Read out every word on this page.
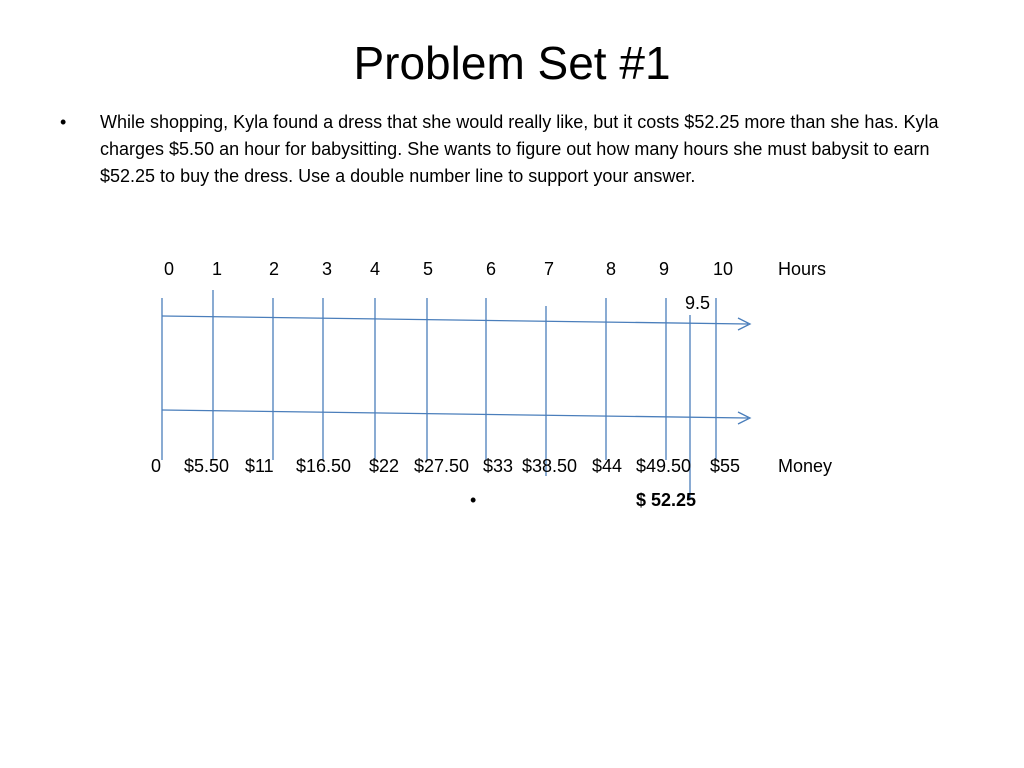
Problem Set #1
•	While shopping, Kyla found a dress that she would really like, but it costs $52.25 more than she has. Kyla charges $5.50 an hour for babysitting. She wants to figure out how many hours she must babysit to earn $52.25 to buy the dress. Use a double number line to support your answer.
0 1	2 3 4 5	6	7	8 9 10 Hours
9.5
0 $5.50 $11 $16.50 $22 $27.50 $33 $38.50 $44 $49.50 $55 Money
•	$ 52.25
